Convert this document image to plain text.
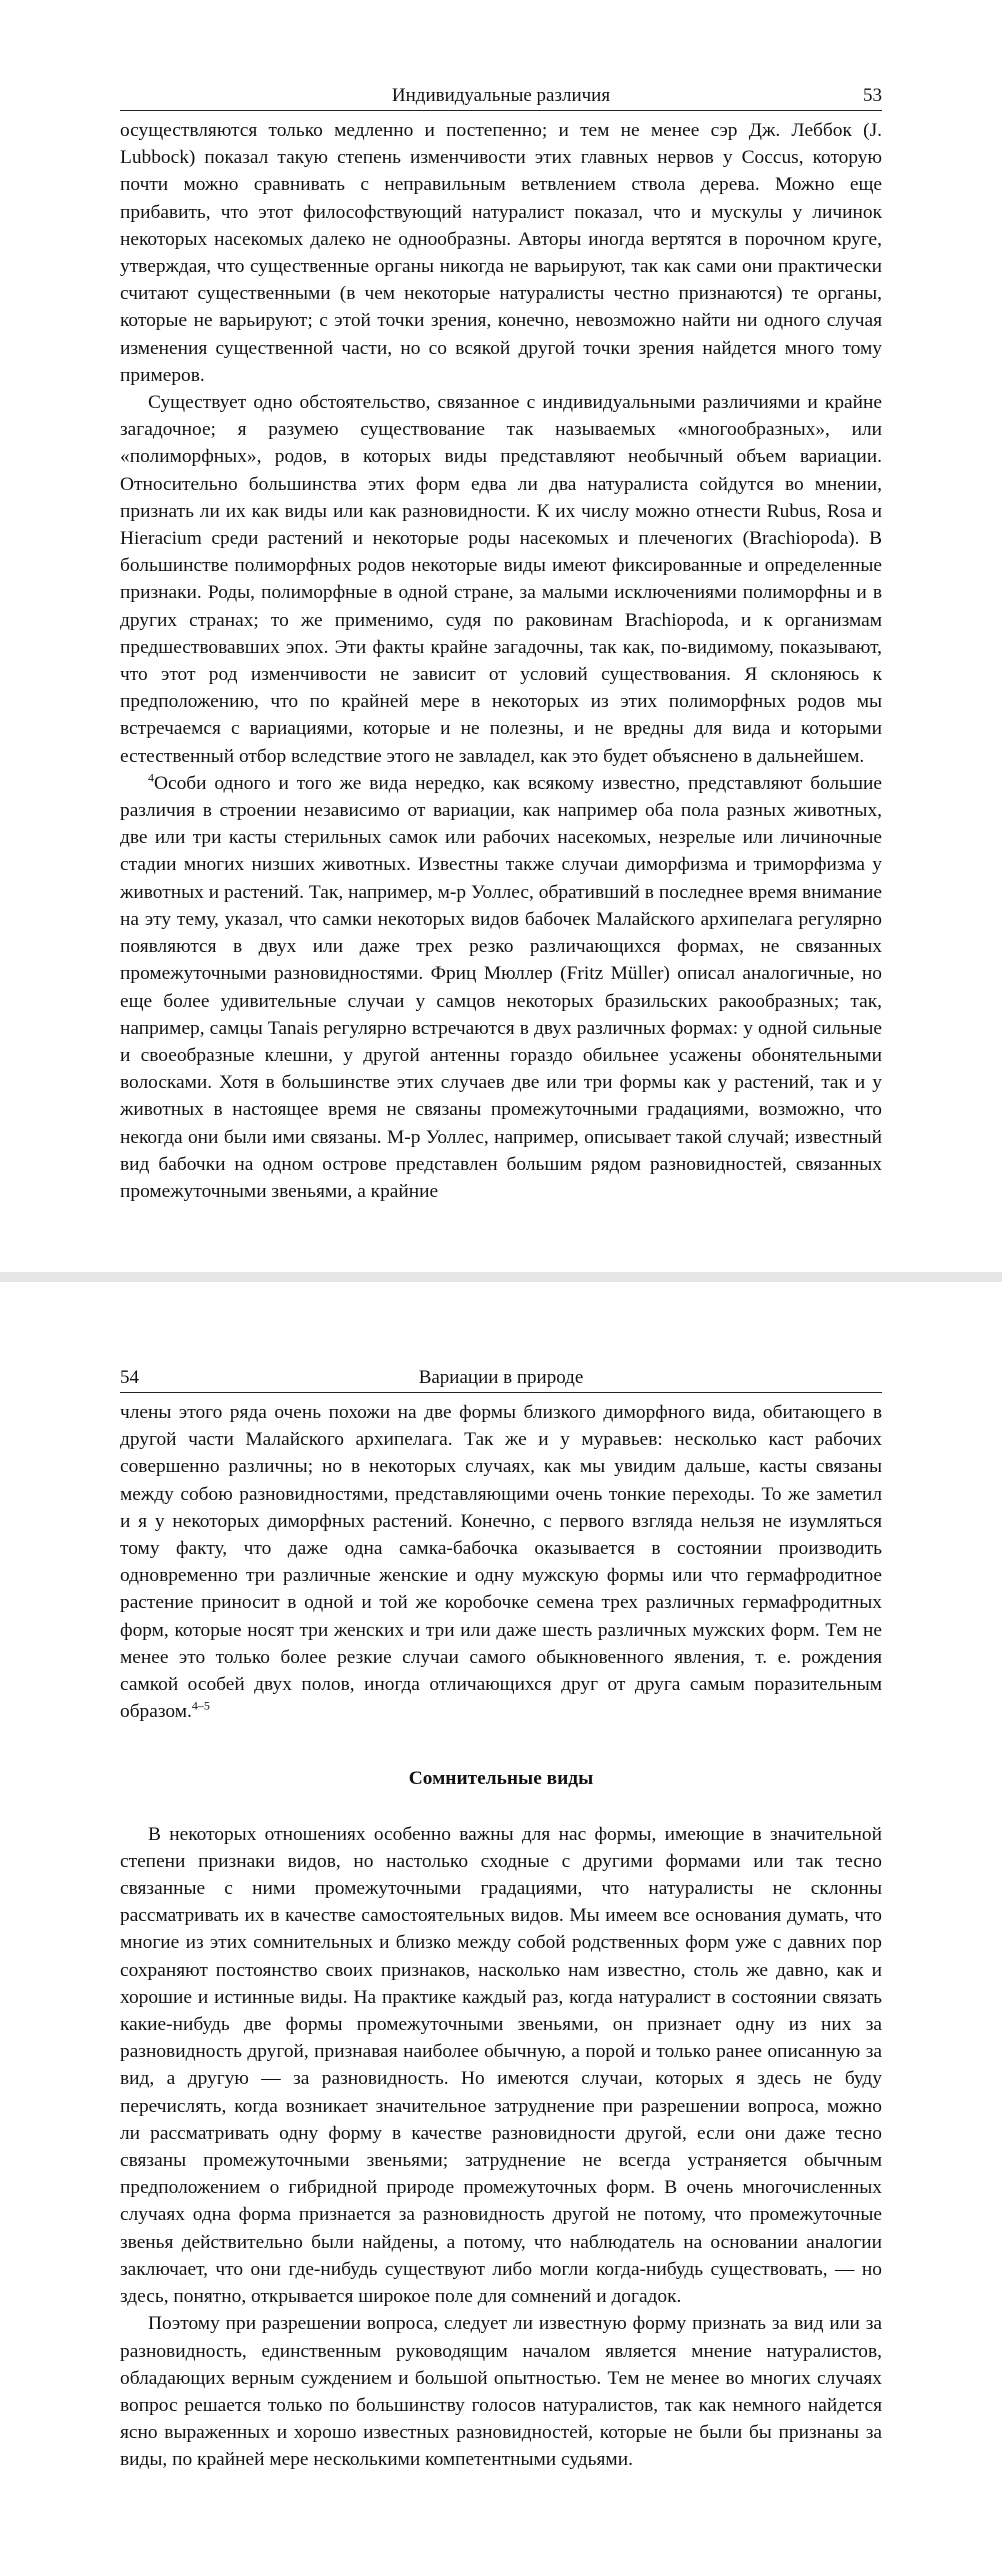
Индивидуальные различия	53

осуществляются только медленно и постепенно; и тем не менее сэр Дж. Леббок (J. Lubbock) показал такую степень изменчивости этих главных нервов у Coccus, которую почти можно сравнивать с неправильным ветвлением ствола дерева. Можно еще прибавить, что этот философствующий натуралист показал, что и мускулы у личинок некоторых насекомых далеко не однообразны. Авторы иногда вертятся в порочном круге, утверждая, что существенные органы никогда не варьируют, так как сами они практически считают существенными (в чем некоторые натуралисты честно признаются) те органы, которые не варьируют; с этой точки зрения, конечно, невозможно найти ни одного случая изменения существенной части, но со всякой другой точки зрения найдется много тому примеров.

Существует одно обстоятельство, связанное с индивидуальными различиями и крайне загадочное; я разумею существование так называемых «многообразных», или «полиморфных», родов, в которых виды представляют необычный объем вариации. Относительно большинства этих форм едва ли два натуралиста сойдутся во мнении, признать ли их как виды или как разновидности. К их числу можно отнести Rubus, Rosa и Hieracium среди растений и некоторые роды насекомых и плеченогих (Brachiopoda). В большинстве полиморфных родов некоторые виды имеют фиксированные и определенные признаки. Роды, полиморфные в одной стране, за малыми исключениями полиморфны и в других странах; то же применимо, судя по раковинам Brachiopoda, и к организмам предшествовавших эпох. Эти факты крайне загадочны, так как, по-видимому, показывают, что этот род изменчивости не зависит от условий существования. Я склоняюсь к предположению, что по крайней мере в некоторых из этих полиморфных родов мы встречаемся с вариациями, которые и не полезны, и не вредны для вида и которыми естественный отбор вследствие этого не завладел, как это будет объяснено в дальнейшем.

$^4$Особи одного и того же вида нередко, как всякому известно, представляют большие различия в строении независимо от вариации, как например оба пола разных животных, две или три касты стерильных самок или рабочих насекомых, незрелые или личиночные стадии многих низших животных. Известны также случаи диморфизма и триморфизма у животных и растений. Так, например, м-р Уоллес, обративший в последнее время внимание на эту тему, указал, что самки некоторых видов бабочек Малайского архипелага регулярно появляются в двух или даже трех резко различающихся формах, не связанных промежуточными разновидностями. Фриц Мюллер (Fritz Müller) описал аналогичные, но еще более удивительные случаи у самцов некоторых бразильских ракообразных; так, например, самцы Tanais регулярно встречаются в двух различных формах: у одной сильные и своеобразные клешни, у другой антенны гораздо обильнее усажены обонятельными волосками. Хотя в большинстве этих случаев две или три формы как у растений, так и у животных в настоящее время не связаны промежуточными градациями, возможно, что некогда они были ими связаны. М-р Уоллес, например, описывает такой случай; известный вид бабочки на одном острове представлен большим рядом разновидностей, связанных промежуточными звеньями, а крайние

54	Вариации в природе

члены этого ряда очень похожи на две формы близкого диморфного вида, обитающего в другой части Малайского архипелага. Так же и у муравьев: несколько каст рабочих совершенно различны; но в некоторых случаях, как мы увидим дальше, касты связаны между собою разновидностями, представляющими очень тонкие переходы. То же заметил и я у некоторых диморфных растений. Конечно, с первого взгляда нельзя не изумляться тому факту, что даже одна самка-бабочка оказывается в состоянии производить одновременно три различные женские и одну мужскую формы или что гермафродитное растение приносит в одной и той же коробочке семена трех различных гермафродитных форм, которые носят три женских и три или даже шесть различных мужских форм. Тем не менее это только более резкие случаи самого обыкновенного явления, т. е. рождения самкой особей двух полов, иногда отличающихся друг от друга самым поразительным образом.$^{4-5}$

Сомнительные виды

В некоторых отношениях особенно важны для нас формы, имеющие в значительной степени признаки видов, но настолько сходные с другими формами или так тесно связанные с ними промежуточными градациями, что натуралисты не склонны рассматривать их в качестве самостоятельных видов. Мы имеем все основания думать, что многие из этих сомнительных и близко между собой родственных форм уже с давних пор сохраняют постоянство своих признаков, насколько нам известно, столь же давно, как и хорошие и истинные виды. На практике каждый раз, когда натуралист в состоянии связать какие-нибудь две формы промежуточными звеньями, он признает одну из них за разновидность другой, признавая наиболее обычную, а порой и только ранее описанную за вид, а другую — за разновидность. Но имеются случаи, которых я здесь не буду перечислять, когда возникает значительное затруднение при разрешении вопроса, можно ли рассматривать одну форму в качестве разновидности другой, если они даже тесно связаны промежуточными звеньями; затруднение не всегда устраняется обычным предположением о гибридной природе промежуточных форм. В очень многочисленных случаях одна форма признается за разновидность другой не потому, что промежуточные звенья действительно были найдены, а потому, что наблюдатель на основании аналогии заключает, что они где-нибудь существуют либо могли когда-нибудь существовать, — но здесь, понятно, открывается широкое поле для сомнений и догадок.

Поэтому при разрешении вопроса, следует ли известную форму признать за вид или за разновидность, единственным руководящим началом является мнение натуралистов, обладающих верным суждением и большой опытностью. Тем не менее во многих случаях вопрос решается только по большинству голосов натуралистов, так как немного найдется ясно выраженных и хорошо известных разновидностей, которые не были бы признаны за виды, по крайней мере несколькими компетентными судьями.
